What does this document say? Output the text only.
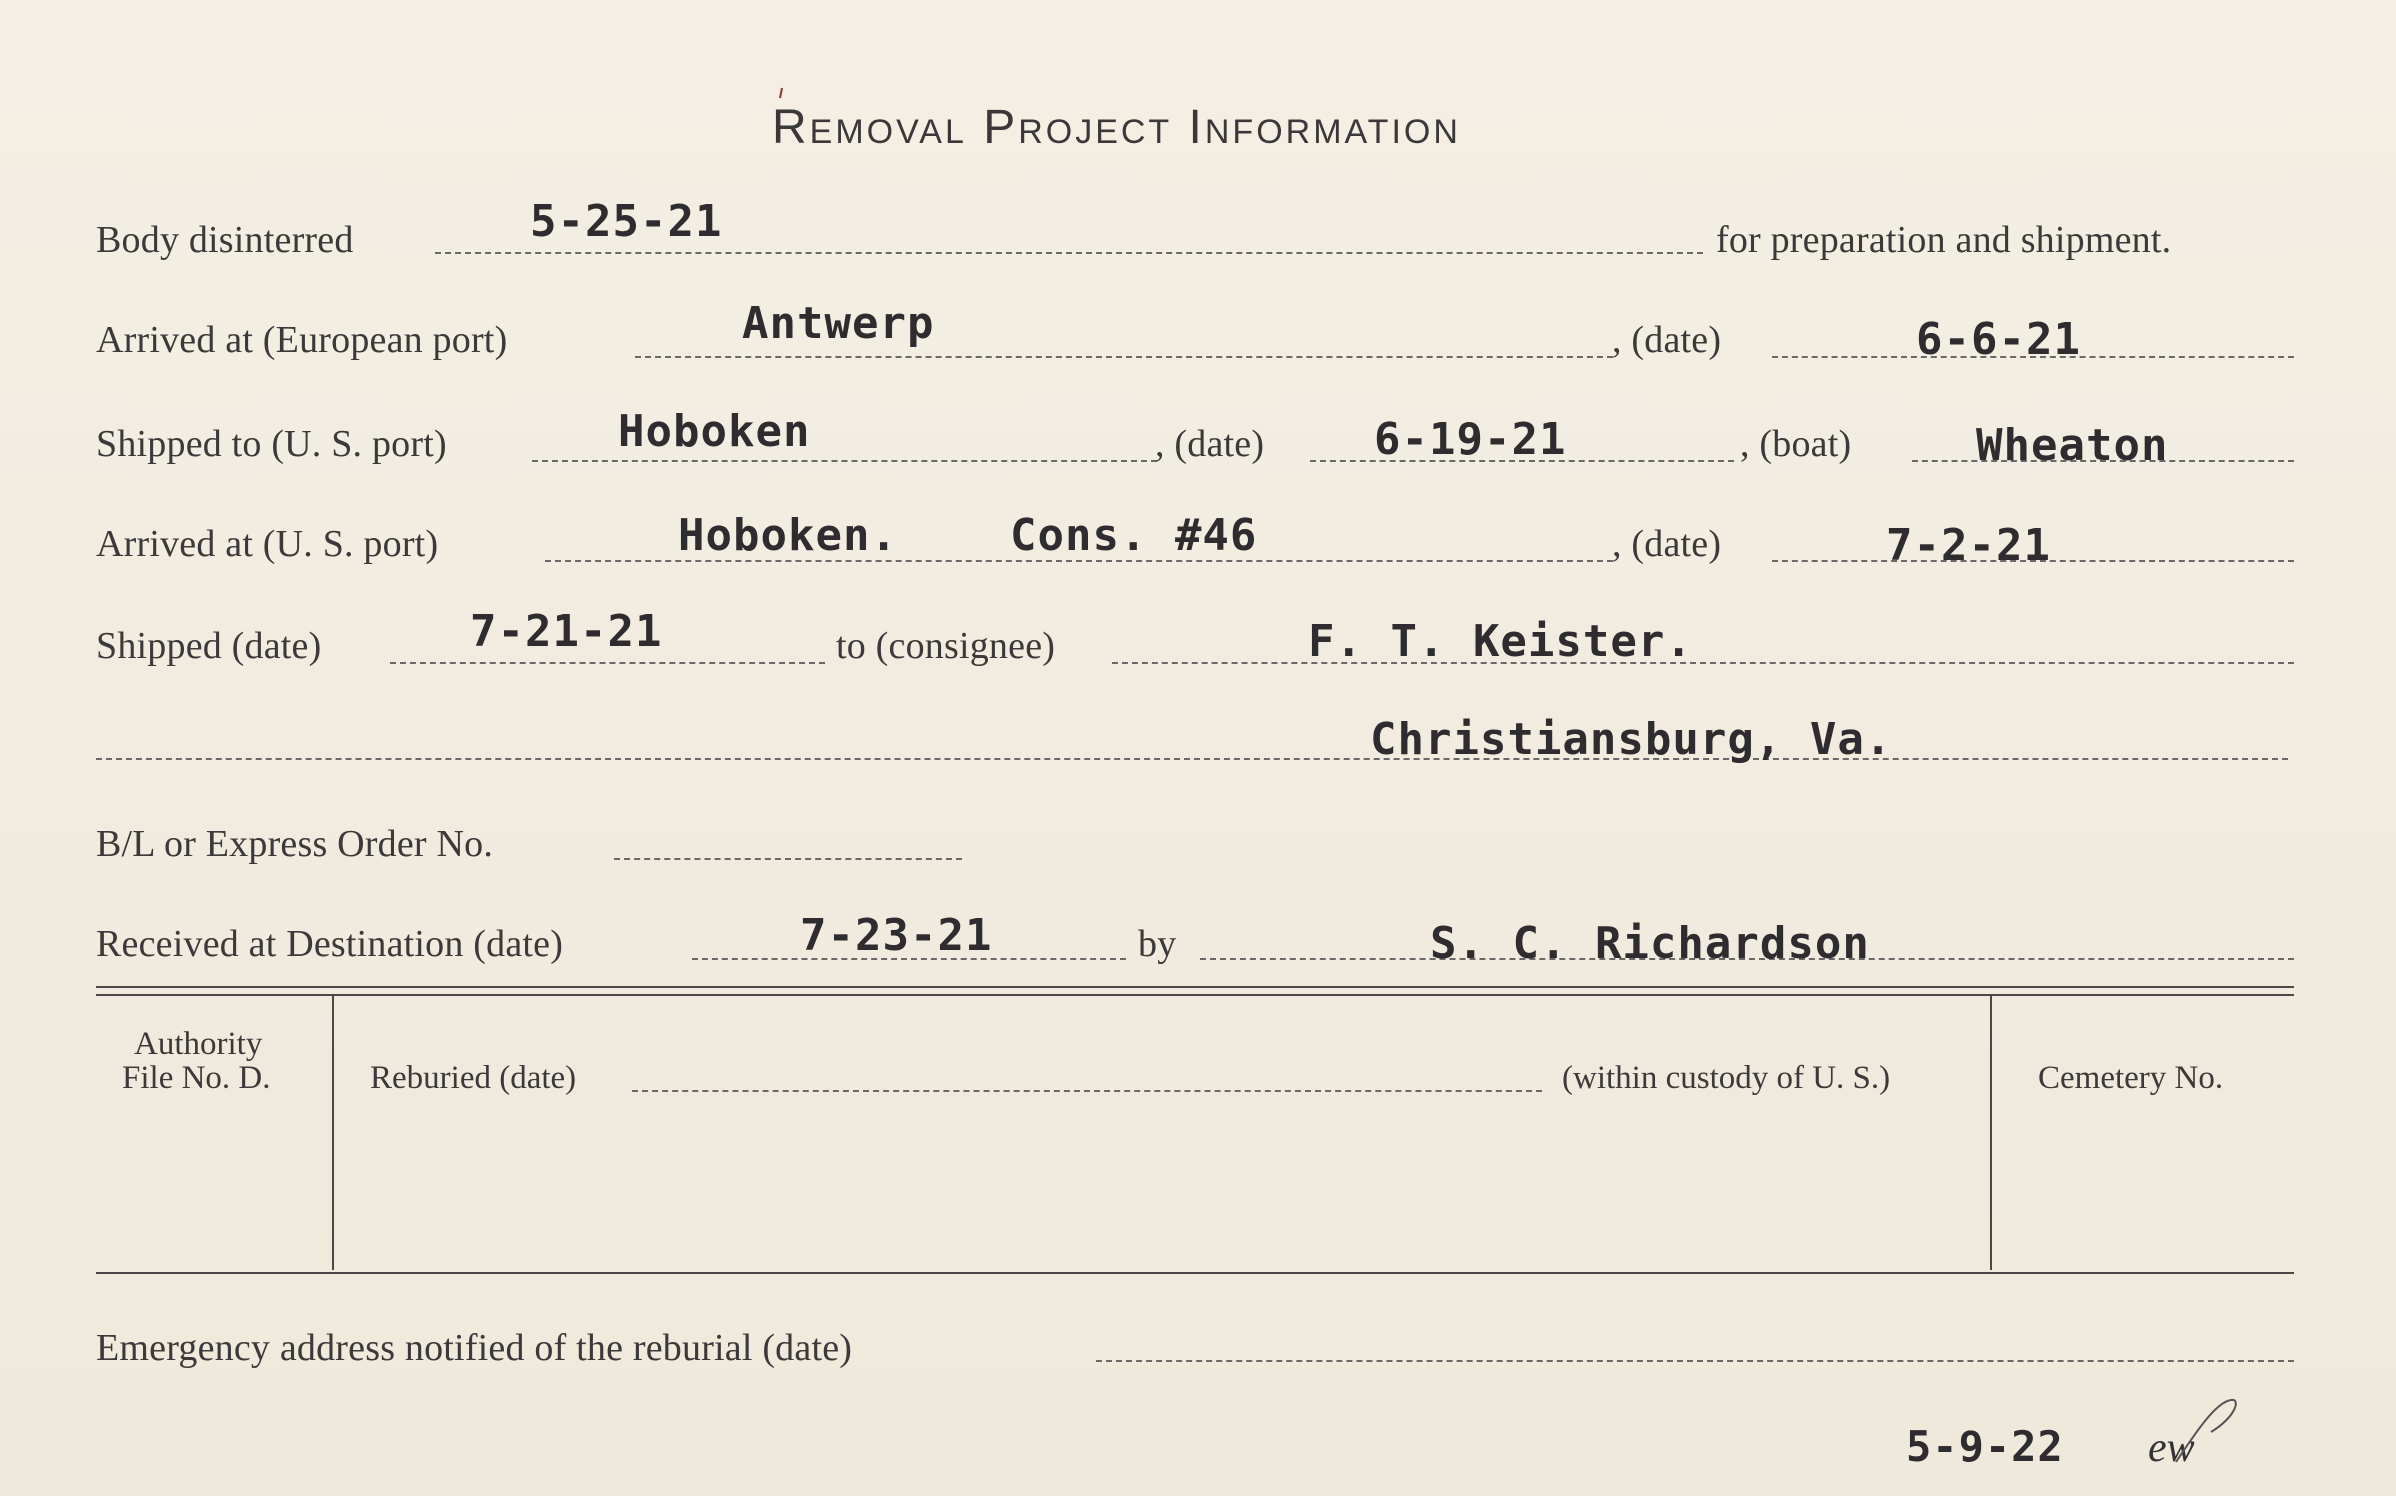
Removal Project Information
Body disinterred	5-25-21	for preparation and shipment.
Arrived at (European port)	Antwerp	, (date)	6-6-21
Shipped to (U. S. port)	Hoboken	, (date) 6-19-21	, (boat)	Wheaton
Arrived at (U. S. port)	Hoboken.	Cons. #46	, (date)	7-2-21
Shipped (date)	7-21-21	to (consignee)	F. T. Keister.
Christiansburg, Va.
B/L or Express Order No.
Received at Destination (date)	7-23-21	by	S. C. Richardson
Authority
File No. D.	Reburied (date)	(within custody of U. S.)	Cemetery No.
Emergency address notified of the reburial (date)
5-9-22 ew
